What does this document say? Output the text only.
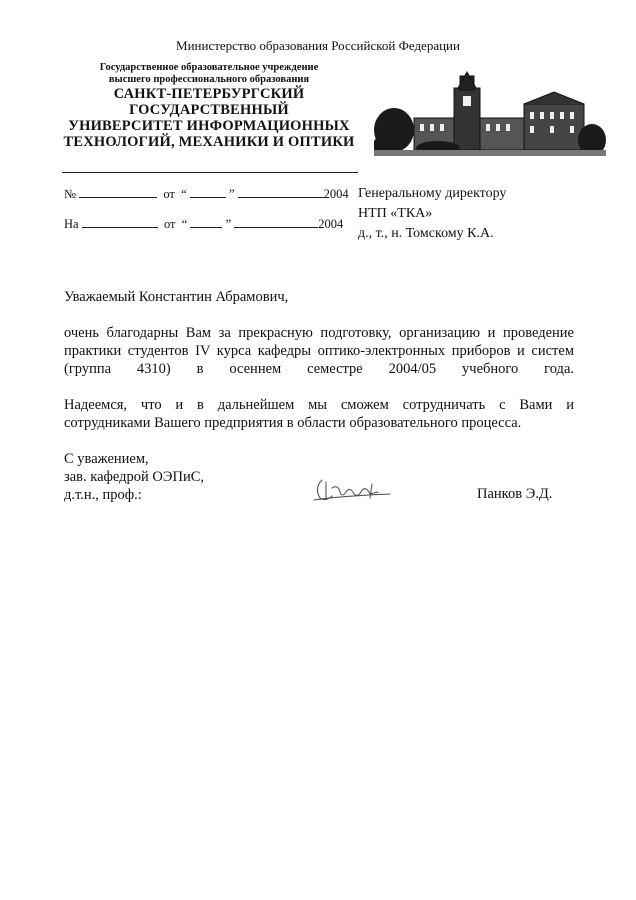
Министерство образования Российской Федерации
Государственное образовательное учреждение
высшего профессионального образования
САНКТ-ПЕТЕРБУРГСКИЙ
ГОСУДАРСТВЕННЫЙ
УНИВЕРСИТЕТ ИНФОРМАЦИОННЫХ
ТЕХНОЛОГИЙ, МЕХАНИКИ И ОПТИКИ
№	от “	”	2004
На	от “	”	2004
Генеральному директору
НТП «ТКА»
д., т., н. Томскому К.А.
Уважаемый Константин Абрамович,
очень благодарны Вам за прекрасную подготовку, организацию и проведение
практики студентов IV курса кафедры оптико-электронных приборов и систем
(группа 4310) в осеннем семестре 2004/05 учебного года.
Надеемся, что и в дальнейшем мы сможем сотрудничать с Вами и
сотрудниками Вашего предприятия в области образовательного процесса.
С уважением,
зав. кафедрой ОЭПиС,
д.т.н., проф.:	Панков Э.Д.
